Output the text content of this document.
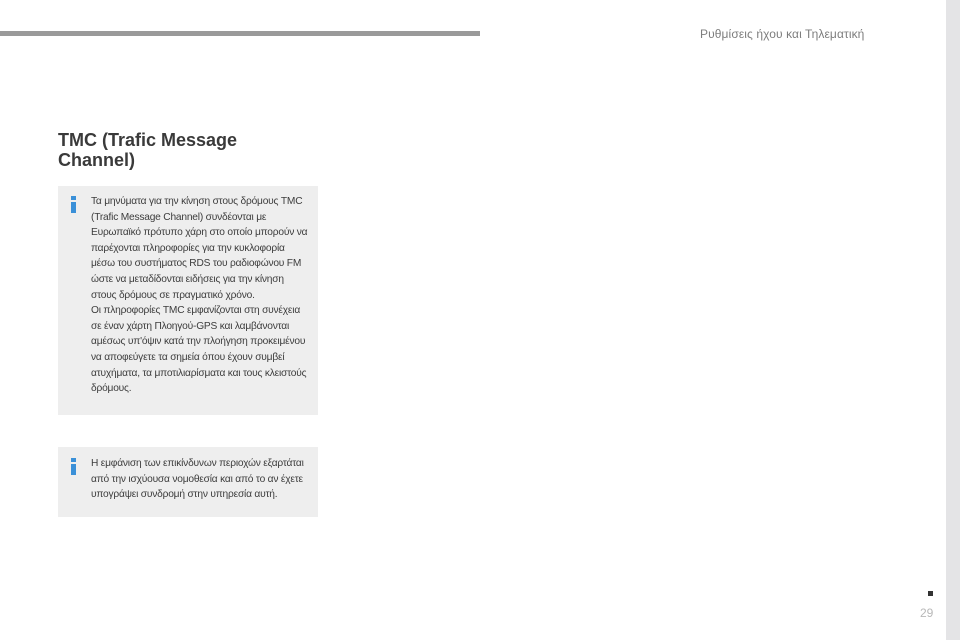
Ρυθμίσεις ήχου και Τηλεματική
TMC (Trafic Message
Channel)

Τα μηνύματα για την κίνηση στους δρόμους TMC (Trafic Message Channel) συνδέονται με Ευρωπαϊκό πρότυπο χάρη στο οποίο μπορούν να παρέχονται πληροφορίες για την κυκλοφορία μέσω του συστήματος RDS του ραδιοφώνου FM ώστε να μεταδίδονται ειδήσεις για την κίνηση στους δρόμους σε πραγματικό χρόνο.

Οι πληροφορίες TMC εμφανίζονται στη συνέχεια σε έναν χάρτη Πλοηγού-GPS και λαμβάνονται αμέσως υπ'όψιν κατά την πλοήγηση προκειμένου να αποφεύγετε τα σημεία όπου έχουν συμβεί ατυχήματα, τα μποτιλιαρίσματα και τους κλειστούς δρόμους.

Η εμφάνιση των επικίνδυνων περιοχών εξαρτάται από την ισχύουσα νομοθεσία και από το αν έχετε υπογράψει συνδρομή στην υπηρεσία αυτή.

29
